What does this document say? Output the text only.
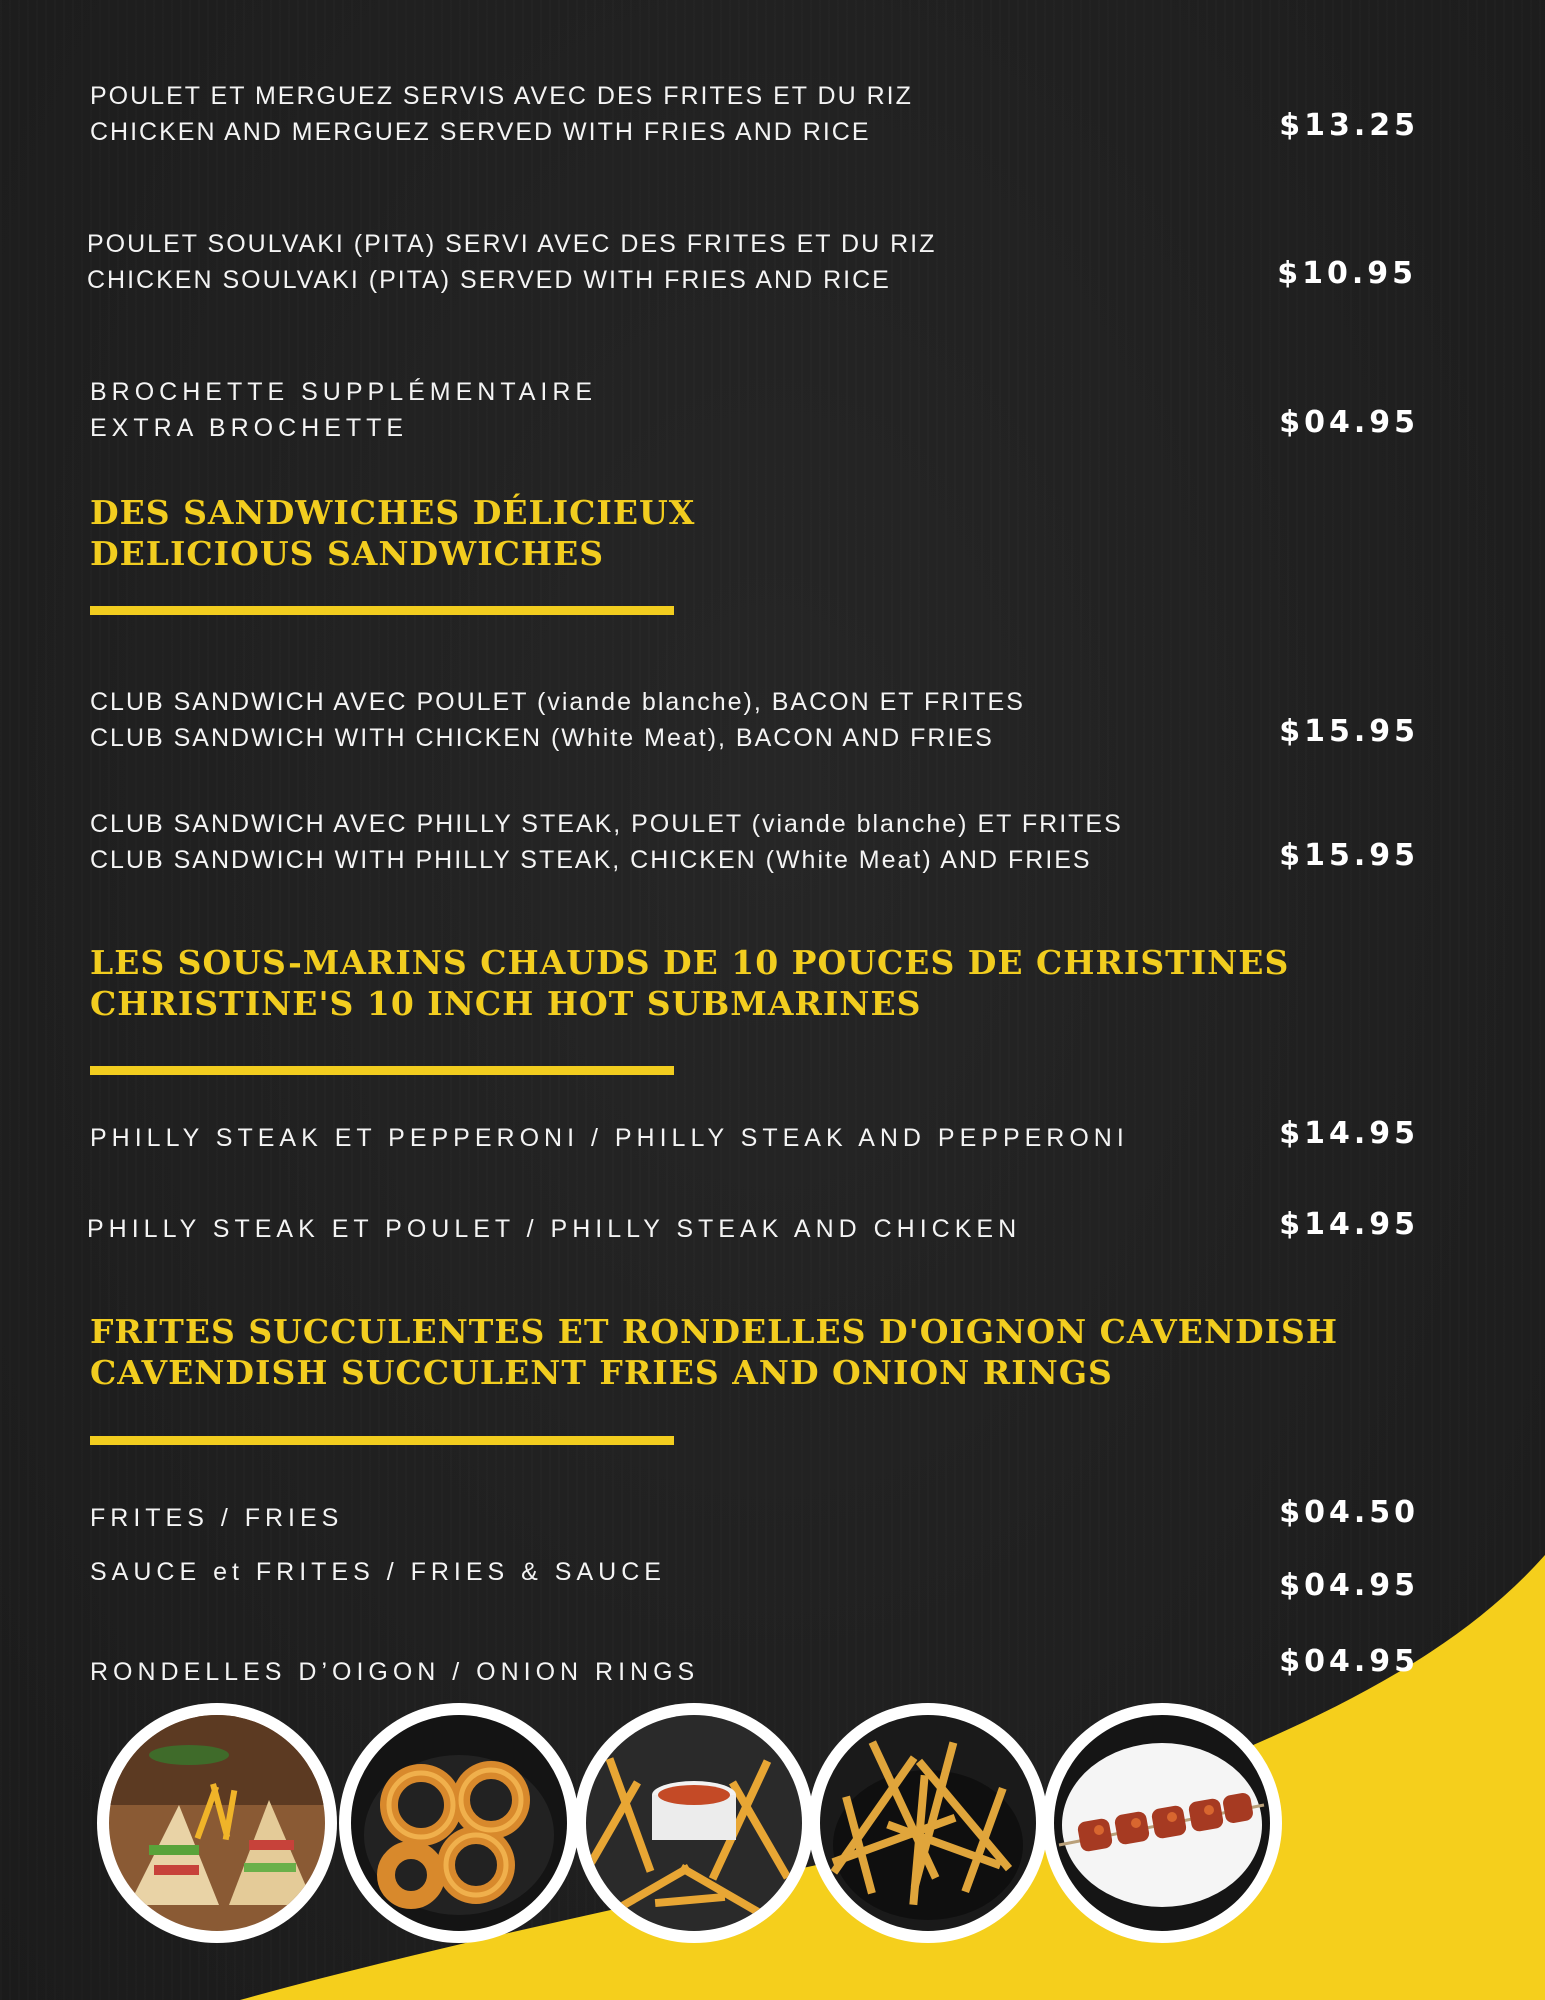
POULET ET MERGUEZ SERVIS AVEC DES FRITES ET DU RIZ
CHICKEN AND MERGUEZ SERVED WITH FRIES AND RICE	$13.25
POULET SOULVAKI (PITA) SERVI AVEC DES FRITES ET DU RIZ
CHICKEN SOULVAKI (PITA) SERVED WITH FRIES AND RICE	$10.95
BROCHETTE SUPPLÉMENTAIRE
EXTRA BROCHETTE	$04.95
DES SANDWICHES DÉLICIEUX
DELICIOUS SANDWICHES
CLUB SANDWICH AVEC POULET (viande blanche), BACON ET FRITES
CLUB SANDWICH WITH CHICKEN (White Meat), BACON AND FRIES	$15.95
CLUB SANDWICH AVEC PHILLY STEAK, POULET (viande blanche) ET FRITES
CLUB SANDWICH WITH PHILLY STEAK, CHICKEN (White Meat) AND FRIES	$15.95
LES SOUS-MARINS CHAUDS DE 10 POUCES DE CHRISTINES
CHRISTINE'S 10 INCH HOT SUBMARINES
PHILLY STEAK ET PEPPERONI / PHILLY STEAK AND PEPPERONI	$14.95
PHILLY STEAK ET POULET / PHILLY STEAK AND CHICKEN	$14.95
FRITES SUCCULENTES ET RONDELLES D'OIGNON CAVENDISH
CAVENDISH SUCCULENT FRIES AND ONION RINGS
FRITES / FRIES	$04.50
SAUCE et FRITES / FRIES & SAUCE	$04.95
RONDELLES D’OIGON / ONION RINGS	$04.95
